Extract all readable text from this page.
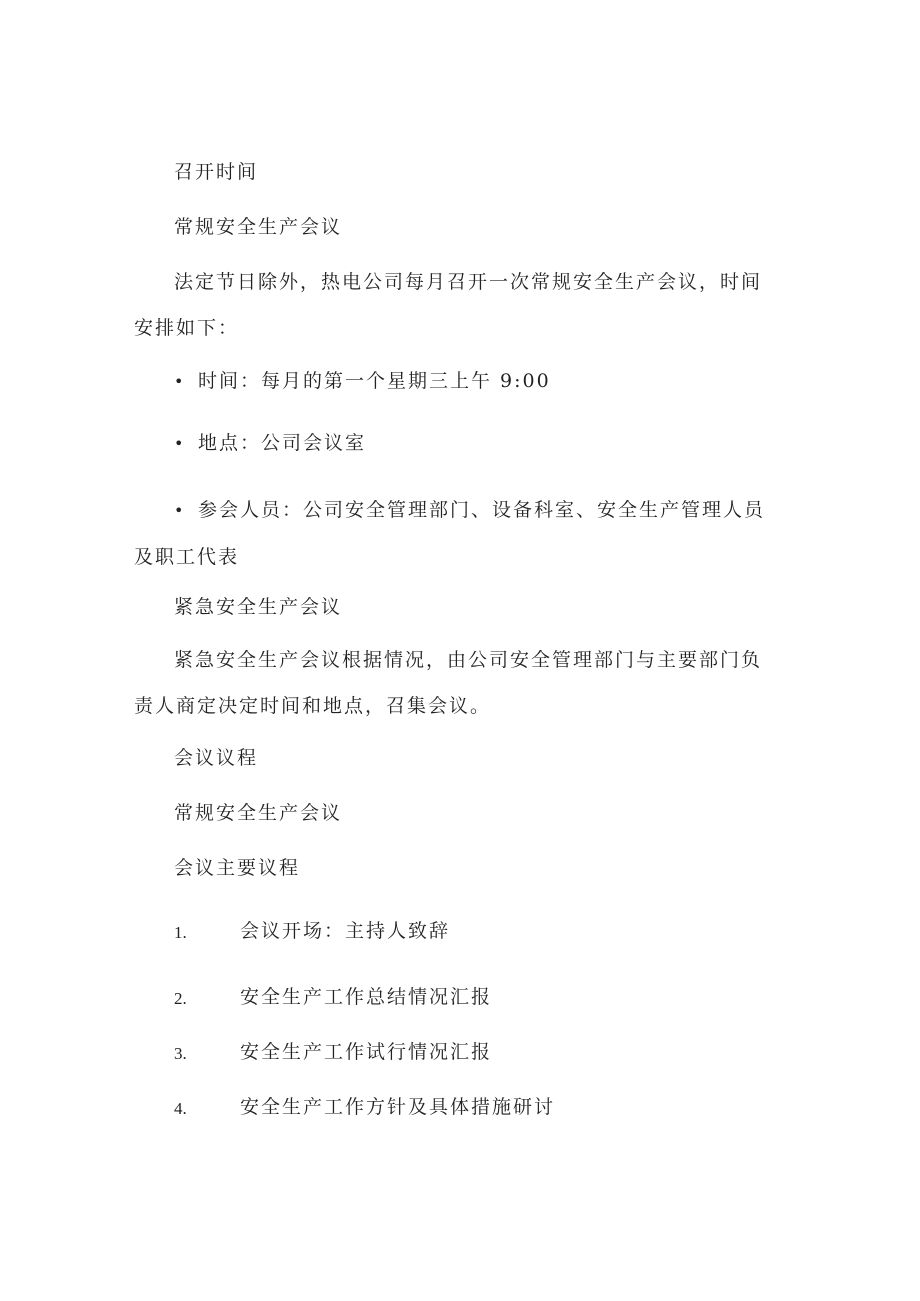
召开时间

常规安全生产会议

法定节日除外，热电公司每月召开一次常规安全生产会议，时间安排如下：

• 时间：每月的第一个星期三上午 9:00

• 地点：公司会议室

• 参会人员：公司安全管理部门、设备科室、安全生产管理人员及职工代表

紧急安全生产会议

紧急安全生产会议根据情况，由公司安全管理部门与主要部门负责人商定决定时间和地点，召集会议。

会议议程

常规安全生产会议

会议主要议程

1.	会议开场：主持人致辞
2.	安全生产工作总结情况汇报
3.	安全生产工作试行情况汇报
4.	安全生产工作方针及具体措施研讨
